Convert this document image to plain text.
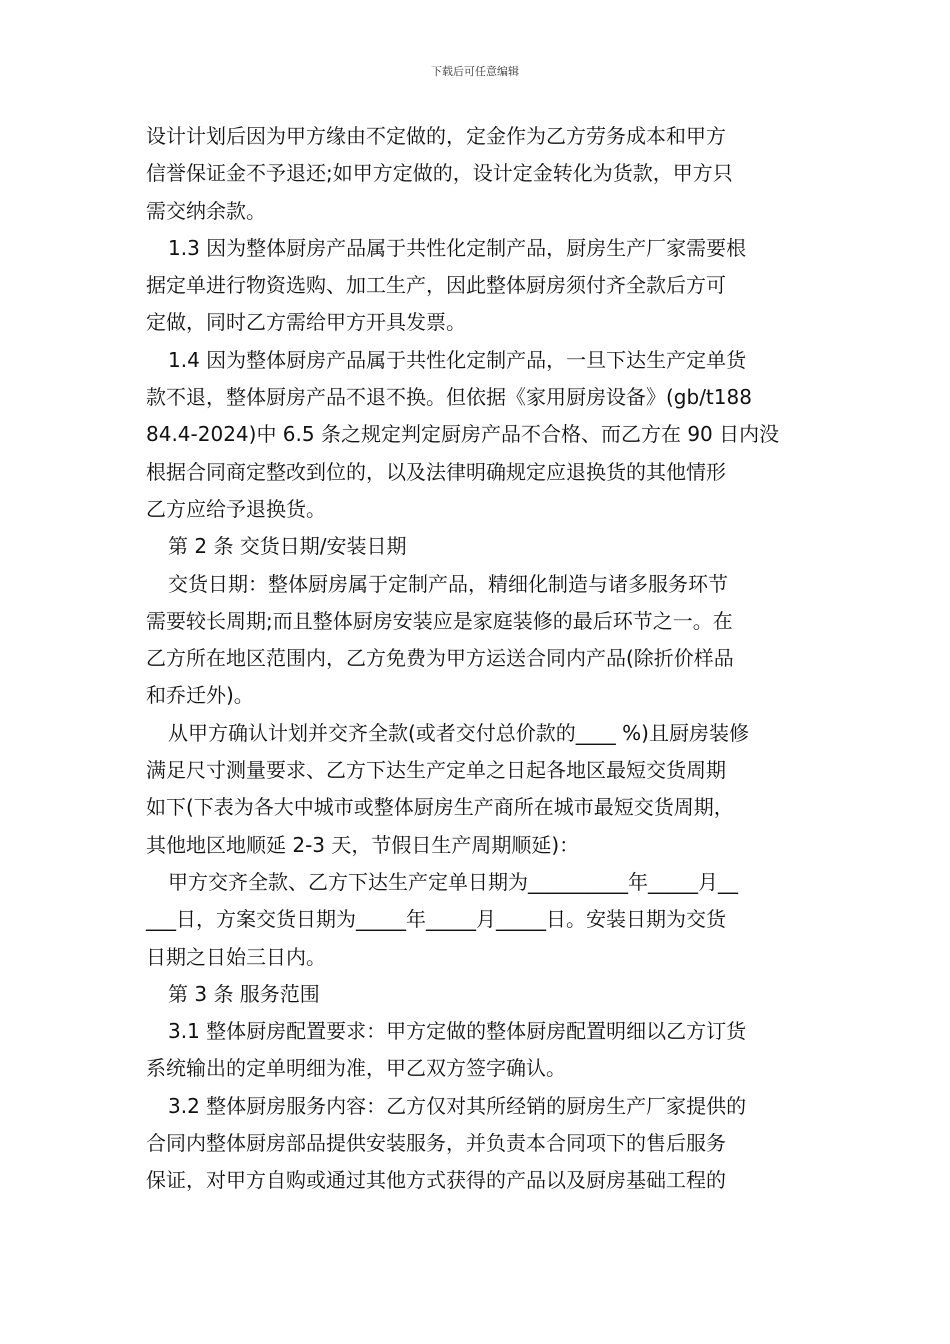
下载后可任意编辑
设计计划后因为甲方缘由不定做的，定金作为乙方劳务成本和甲方
信誉保证金不予退还;如甲方定做的，设计定金转化为货款，甲方只
需交纳余款。
1.3 因为整体厨房产品属于共性化定制产品，厨房生产厂家需要根
据定单进行物资选购、加工生产，因此整体厨房须付齐全款后方可
定做，同时乙方需给甲方开具发票。
1.4 因为整体厨房产品属于共性化定制产品，一旦下达生产定单货
款不退，整体厨房产品不退不换。但依据《家用厨房设备》(gb/t188
84.4-2024)中 6.5 条之规定判定厨房产品不合格、而乙方在 90 日内没
根据合同商定整改到位的，以及法律明确规定应退换货的其他情形
乙方应给予退换货。
第 2 条 交货日期/安装日期
交货日期：整体厨房属于定制产品，精细化制造与诸多服务环节
需要较长周期;而且整体厨房安装应是家庭装修的最后环节之一。在
乙方所在地区范围内，乙方免费为甲方运送合同内产品(除折价样品
和乔迁外)。
从甲方确认计划并交齐全款(或者交付总价款的____ %)且厨房装修
满足尺寸测量要求、乙方下达生产定单之日起各地区最短交货周期
如下(下表为各大中城市或整体厨房生产商所在城市最短交货周期，
其他地区地顺延 2-3 天，节假日生产周期顺延)：
甲方交齐全款、乙方下达生产定单日期为__________年_____月__
___日，方案交货日期为_____年_____月_____日。安装日期为交货
日期之日始三日内。
第 3 条 服务范围
3.1 整体厨房配置要求：甲方定做的整体厨房配置明细以乙方订货
系统输出的定单明细为准，甲乙双方签字确认。
3.2 整体厨房服务内容：乙方仅对其所经销的厨房生产厂家提供的
合同内整体厨房部品提供安装服务，并负责本合同项下的售后服务
保证，对甲方自购或通过其他方式获得的产品以及厨房基础工程的
